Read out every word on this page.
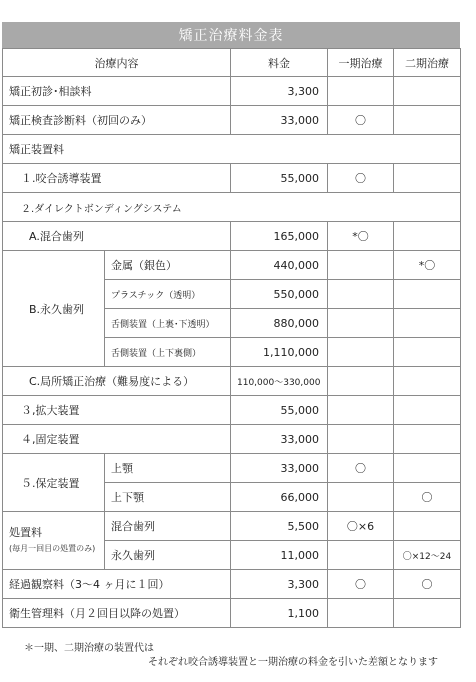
矯正治療料金表
治療内容		料金	一期治療	二期治療
矯正初診･相談料		3,300		
矯正検査診断料（初回のみ）		33,000	〇	
矯正装置料				
１.咬合誘導装置		55,000	〇	
２.ダイレクトボンディングシステム				
A.混合歯列		165,000	*〇	
B.永久歯列	金属（銀色）	440,000		*〇
	プラスチック（透明）	550,000		
	舌側装置（上裏･下透明）	880,000		
	舌側装置（上下裏側）	1,110,000		
C.局所矯正治療（難易度による）		110,000～330,000		
３,拡大装置		55,000		
４,固定装置		33,000		
５.保定装置	上顎	33,000	〇	
	上下顎	66,000		〇

処置料
(毎月一回目の処置のみ)	混合歯列	5,500	〇×6	
	永久歯列	11,000		〇×12～24
経過観察料（3～4 ヶ月に１回）		3,300	〇	〇
衛生管理料（月２回目以降の処置）		1,100		
＊一期、二期治療の装置代は
それぞれ咬合誘導装置と一期治療の料金を引いた差額となります
